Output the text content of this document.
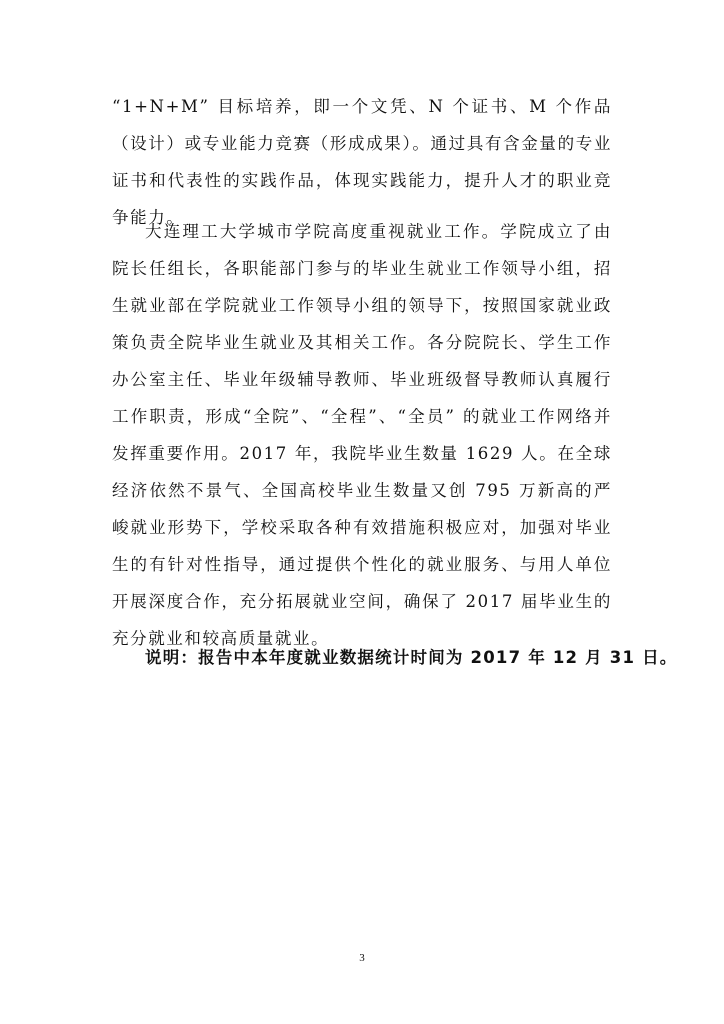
“1+N+M” 目标培养，即一个文凭、N 个证书、M 个作品（设计）或专业能力竞赛（形成成果）。通过具有含金量的专业证书和代表性的实践作品，体现实践能力，提升人才的职业竞争能力。

大连理工大学城市学院高度重视就业工作。学院成立了由院长任组长，各职能部门参与的毕业生就业工作领导小组，招生就业部在学院就业工作领导小组的领导下，按照国家就业政策负责全院毕业生就业及其相关工作。各分院院长、学生工作办公室主任、毕业年级辅导教师、毕业班级督导教师认真履行工作职责，形成“全院”、“全程”、“全员” 的就业工作网络并发挥重要作用。2017 年，我院毕业生数量 1629 人。在全球经济依然不景气、全国高校毕业生数量又创 795 万新高的严峻就业形势下，学校采取各种有效措施积极应对，加强对毕业生的有针对性指导，通过提供个性化的就业服务、与用人单位开展深度合作，充分拓展就业空间，确保了 2017 届毕业生的充分就业和较高质量就业。

说明：报告中本年度就业数据统计时间为 2017 年 12 月 31 日。

3
